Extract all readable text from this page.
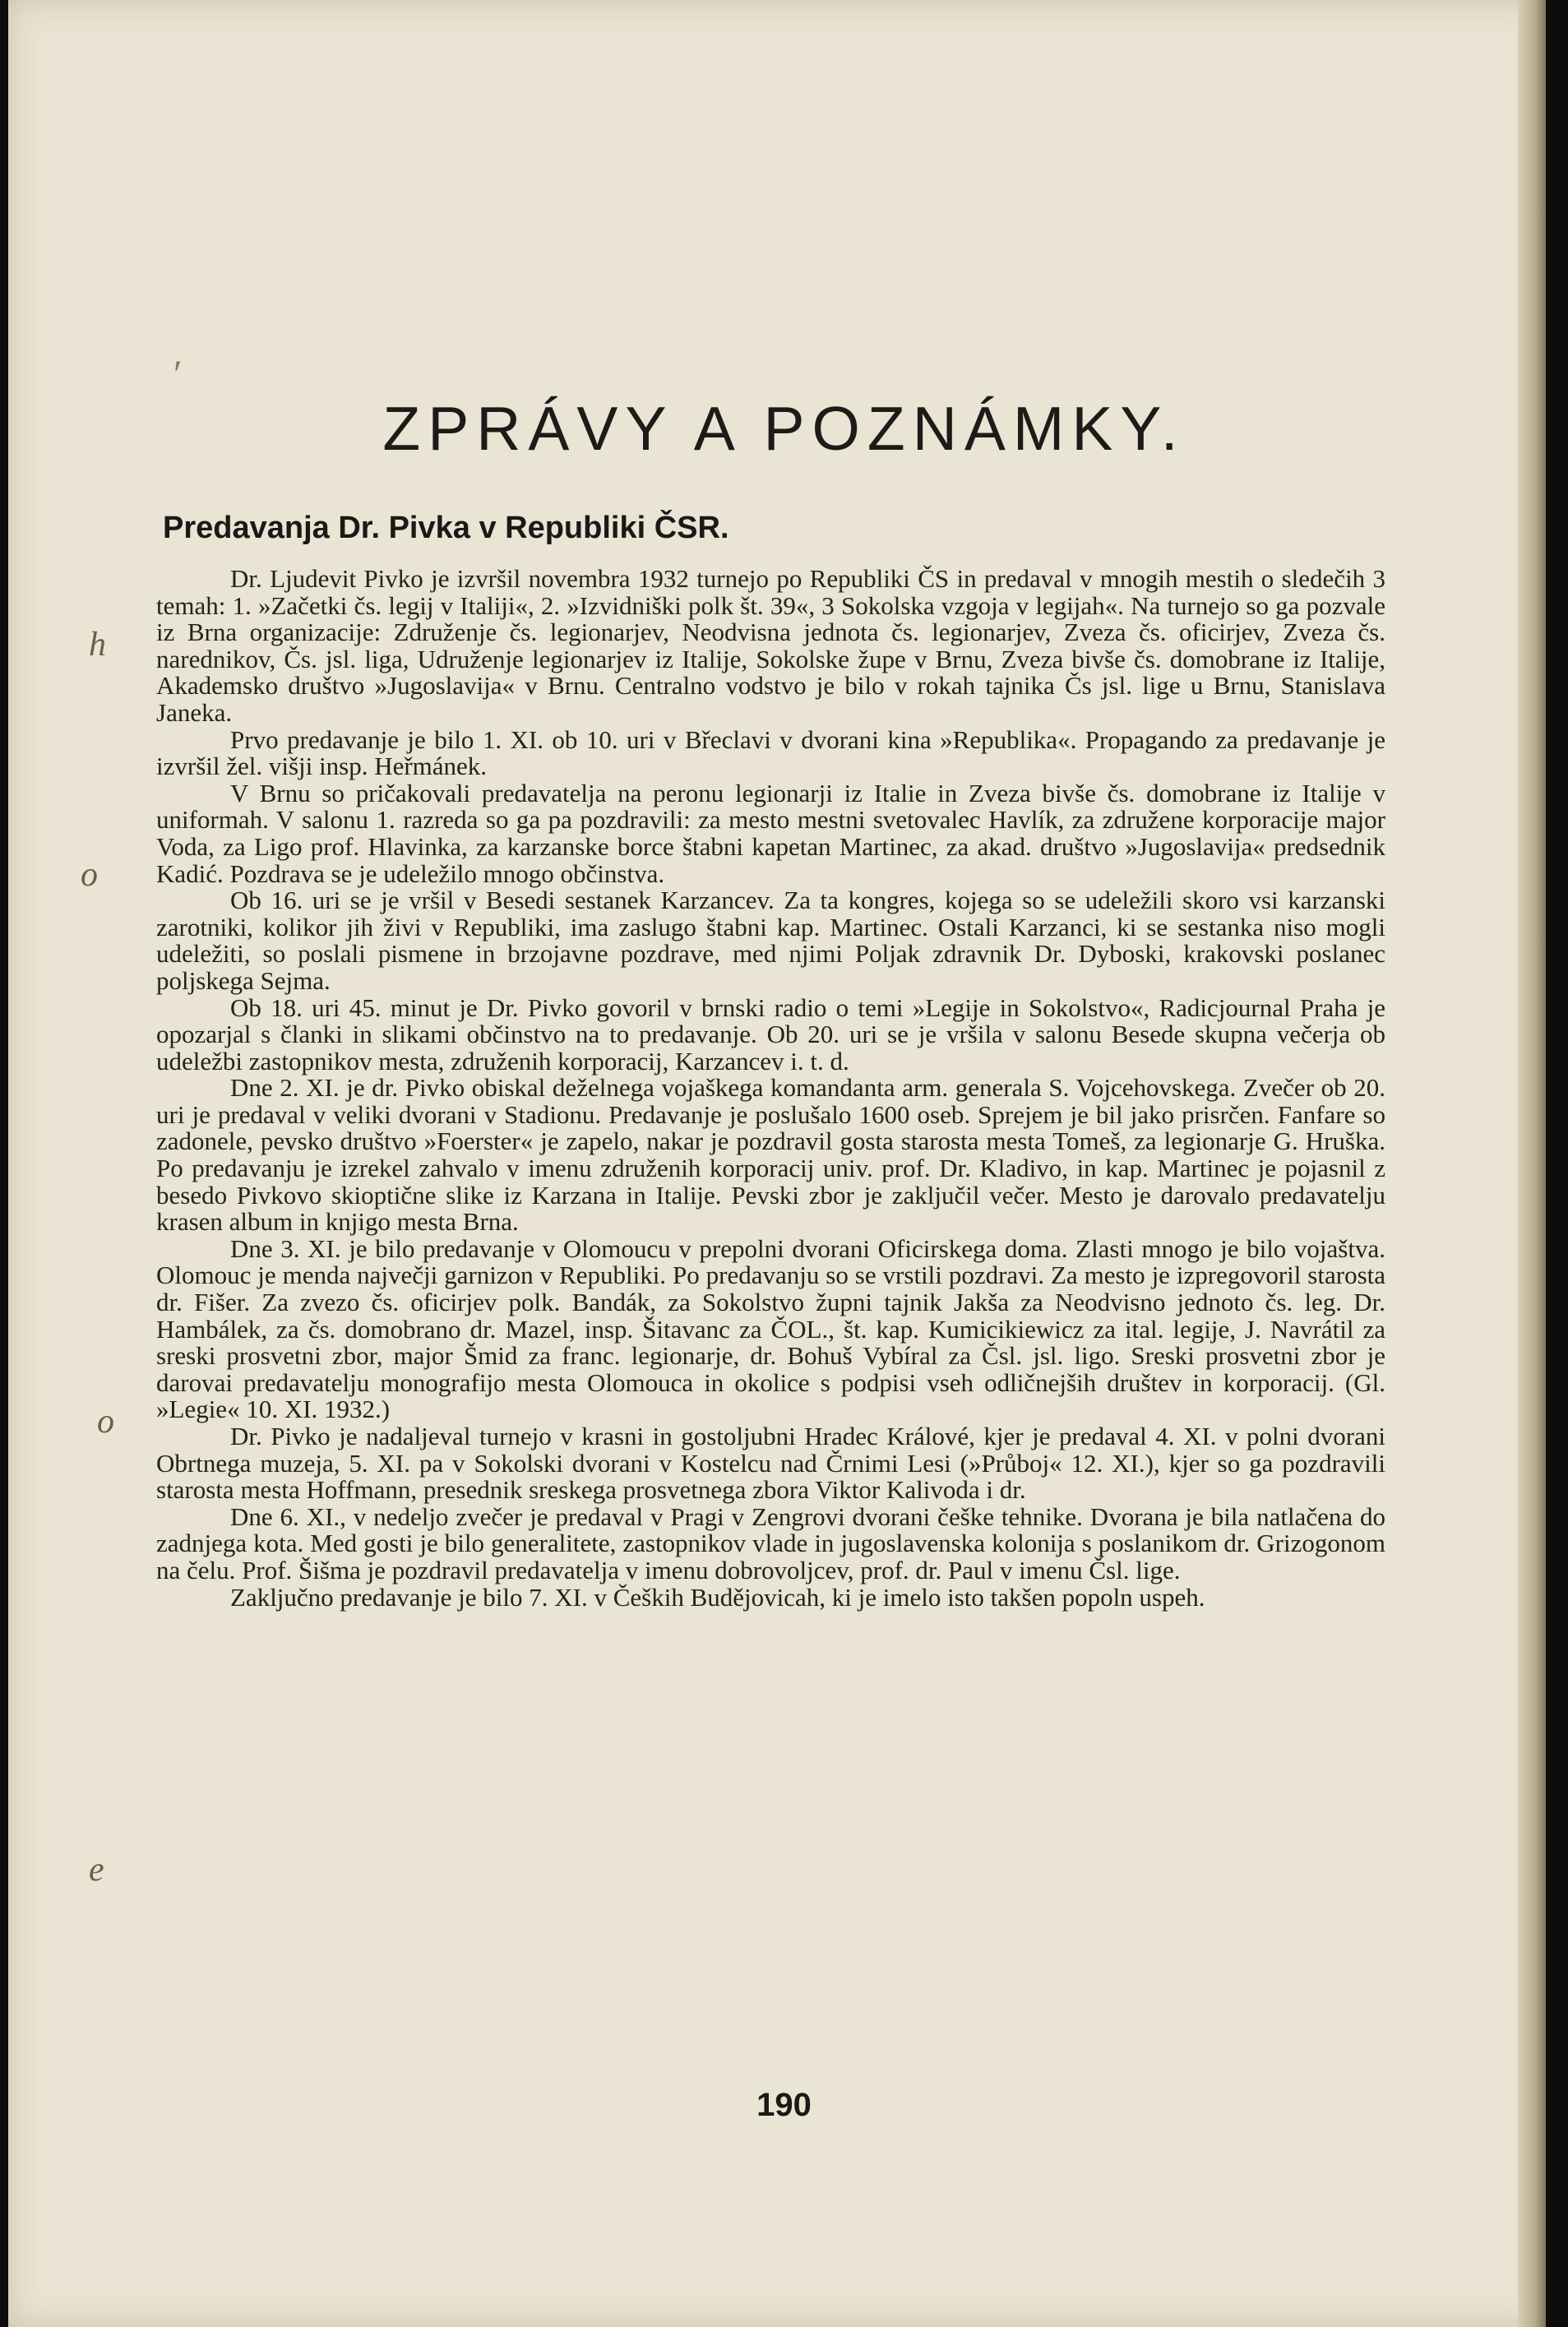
′
ZPRÁVY A POZNÁMKY.
Predavanja Dr. Pivka v Republiki ČSR.

Dr. Ljudevit Pivko je izvršil novembra 1932 turnejo po Republiki ČS in predaval v mnogih mestih o sledečih 3 temah: 1. »Začetki čs. legij v Italiji«, 2. »Izvidniški polk št. 39«, 3 Sokolska vzgoja v legijah«. Na turnejo so ga pozvale iz Brna organizacije: Združenje čs. legionarjev, Neodvisna jednota čs. legionarjev, Zveza čs. oficirjev, Zveza čs. narednikov, Čs. jsl. liga, Udruženje legionarjev iz Italije, Sokolske župe v Brnu, Zveza bivše čs. domobrane iz Italije, Akademsko društvo »Jugoslavija« v Brnu. Centralno vodstvo je bilo v rokah tajnika Čs jsl. lige u Brnu, Stanislava Janeka.

Prvo predavanje je bilo 1. XI. ob 10. uri v Břeclavi v dvorani kina »Republika«. Propagando za predavanje je izvršil žel. višji insp. Heřmánek.

V Brnu so pričakovali predavatelja na peronu legionarji iz Italie in Zveza bivše čs. domobrane iz Italije v uniformah. V salonu 1. razreda so ga pa pozdravili: za mesto mestni svetovalec Havlík, za združene korporacije major Voda, za Ligo prof. Hlavinka, za karzanske borce štabni kapetan Martinec, za akad. društvo »Jugoslavija« predsednik Kadić. Pozdrava se je udeležilo mnogo občinstva.

Ob 16. uri se je vršil v Besedi sestanek Karzancev. Za ta kongres, kojega so se udeležili skoro vsi karzanski zarotniki, kolikor jih živi v Republiki, ima zaslugo štabni kap. Martinec. Ostali Karzanci, ki se sestanka niso mogli udeležiti, so poslali pismene in brzojavne pozdrave, med njimi Poljak zdravnik Dr. Dyboski, krakovski poslanec poljskega Sejma.

Ob 18. uri 45. minut je Dr. Pivko govoril v brnski radio o temi »Legije in Sokolstvo«, Radicjournal Praha je opozarjal s članki in slikami občinstvo na to predavanje. Ob 20. uri se je vršila v salonu Besede skupna večerja ob udeležbi zastopnikov mesta, združenih korporacij, Karzancev i. t. d.

Dne 2. XI. je dr. Pivko obiskal deželnega vojaškega komandanta arm. generala S. Vojcehovskega. Zvečer ob 20. uri je predaval v veliki dvorani v Stadionu. Predavanje je poslušalo 1600 oseb. Sprejem je bil jako prisrčen. Fanfare so zadonele, pevsko društvo »Foerster« je zapelo, nakar je pozdravil gosta starosta mesta Tomeš, za legionarje G. Hruška. Po predavanju je izrekel zahvalo v imenu združenih korporacij univ. prof. Dr. Kladivo, in kap. Martinec je pojasnil z besedo Pivkovo skioptične slike iz Karzana in Italije. Pevski zbor je zaključil večer. Mesto je darovalo predavatelju krasen album in knjigo mesta Brna.

Dne 3. XI. je bilo predavanje v Olomoucu v prepolni dvorani Oficirskega doma. Zlasti mnogo je bilo vojaštva. Olomouc je menda največji garnizon v Republiki. Po predavanju so se vrstili pozdravi. Za mesto je izpregovoril starosta dr. Fišer. Za zvezo čs. oficirjev polk. Bandák, za Sokolstvo župni tajnik Jakša za Neodvisno jednoto čs. leg. Dr. Hambálek, za čs. domobrano dr. Mazel, insp. Šitavanc za ČOL., št. kap. Kumicikiewicz za ital. legije, J. Navrátil za sreski prosvetni zbor, major Šmid za franc. legionarje, dr. Bohuš Vybíral za Čsl. jsl. ligo. Sreski prosvetni zbor je darovai predavatelju monografijo mesta Olomouca in okolice s podpisi vseh odličnejših društev in korporacij. (Gl. »Legie« 10. XI. 1932.)

Dr. Pivko je nadaljeval turnejo v krasni in gostoljubni Hradec Králové, kjer je predaval 4. XI. v polni dvorani Obrtnega muzeja, 5. XI. pa v Sokolski dvorani v Kostelcu nad Črnimi Lesi (»Průboj« 12. XI.), kjer so ga pozdravili starosta mesta Hoffmann, presednik sreskega prosvetnega zbora Viktor Kalivoda i dr.

Dne 6. XI., v nedeljo zvečer je predaval v Pragi v Zengrovi dvorani češke tehnike. Dvorana je bila natlačena do zadnjega kota. Med gosti je bilo generalitete, zastopnikov vlade in jugoslavenska kolonija s poslanikom dr. Grizogonom na čelu. Prof. Šišma je pozdravil predavatelja v imenu dobrovoljcev, prof. dr. Paul v imenu Čsl. lige.

Zaključno predavanje je bilo 7. XI. v Čeških Budějovicah, ki je imelo isto takšen popoln uspeh.

h
o
o
e
190
